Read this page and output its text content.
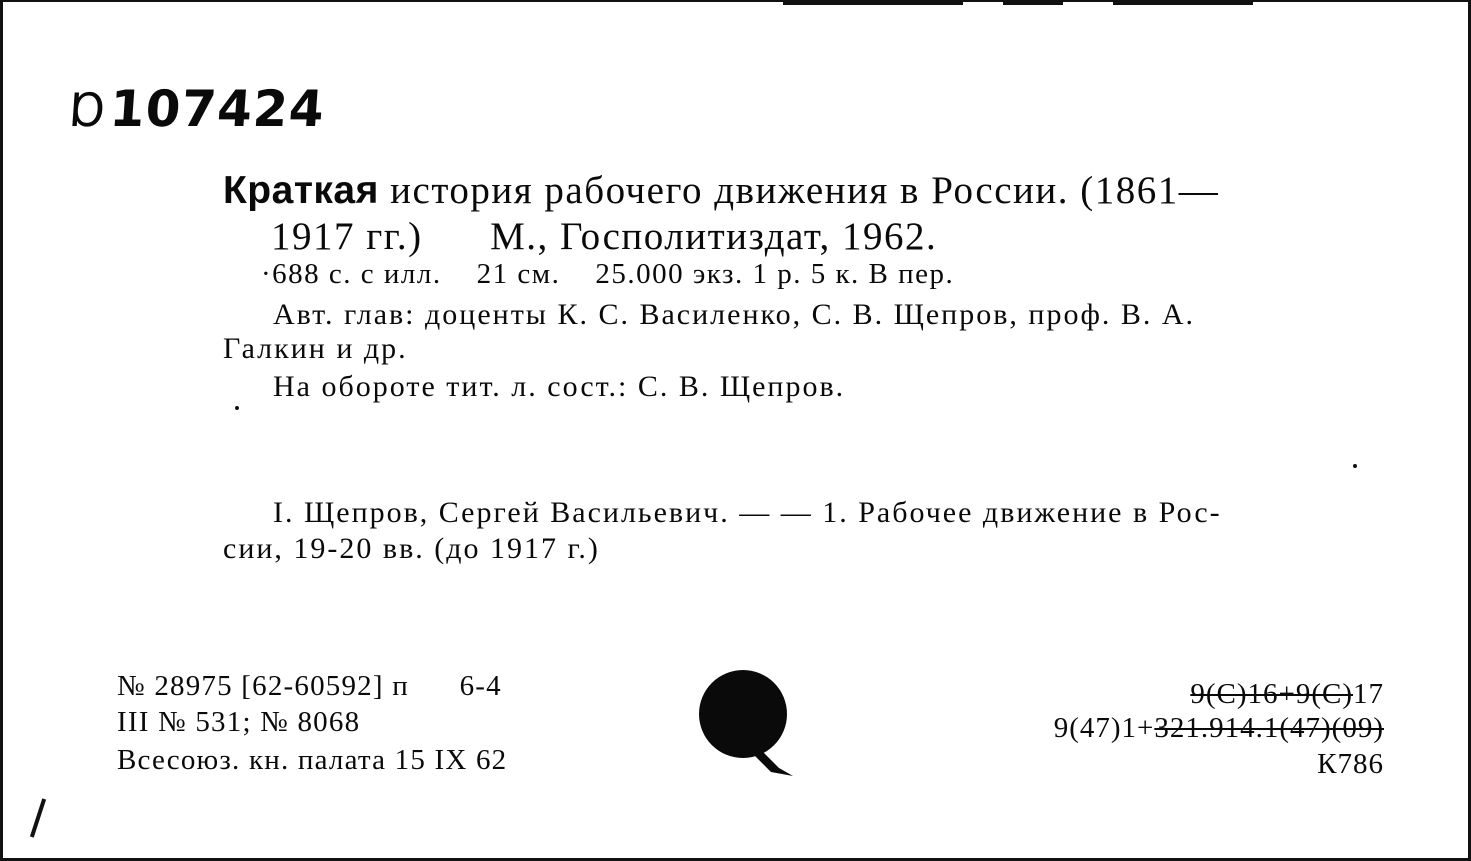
Ɒ107424
Краткая история рабочего движения в России. (1861—
1917 гг.)      М., Госполитиздат, 1962.
·688 с. с илл.    21 см.    25.000 экз. 1 р. 5 к. В пер.
Авт. глав: доценты К. С. Василенко, С. В. Щепров, проф. В. А.
Галкин и др.
На обороте тит. л. сост.: С. В. Щепров.
I. Щепров, Сергей Васильевич. — — 1. Рабочее движение в Рос-
сии, 19-20 вв. (до 1917 г.)
№ 28975 [62-60592] п      6-4
III № 531; № 8068
Всесоюз. кн. палата 15 IX 62
9(С)16+9(С)17
9(47)1+321.914.1(47)(09)
К786
